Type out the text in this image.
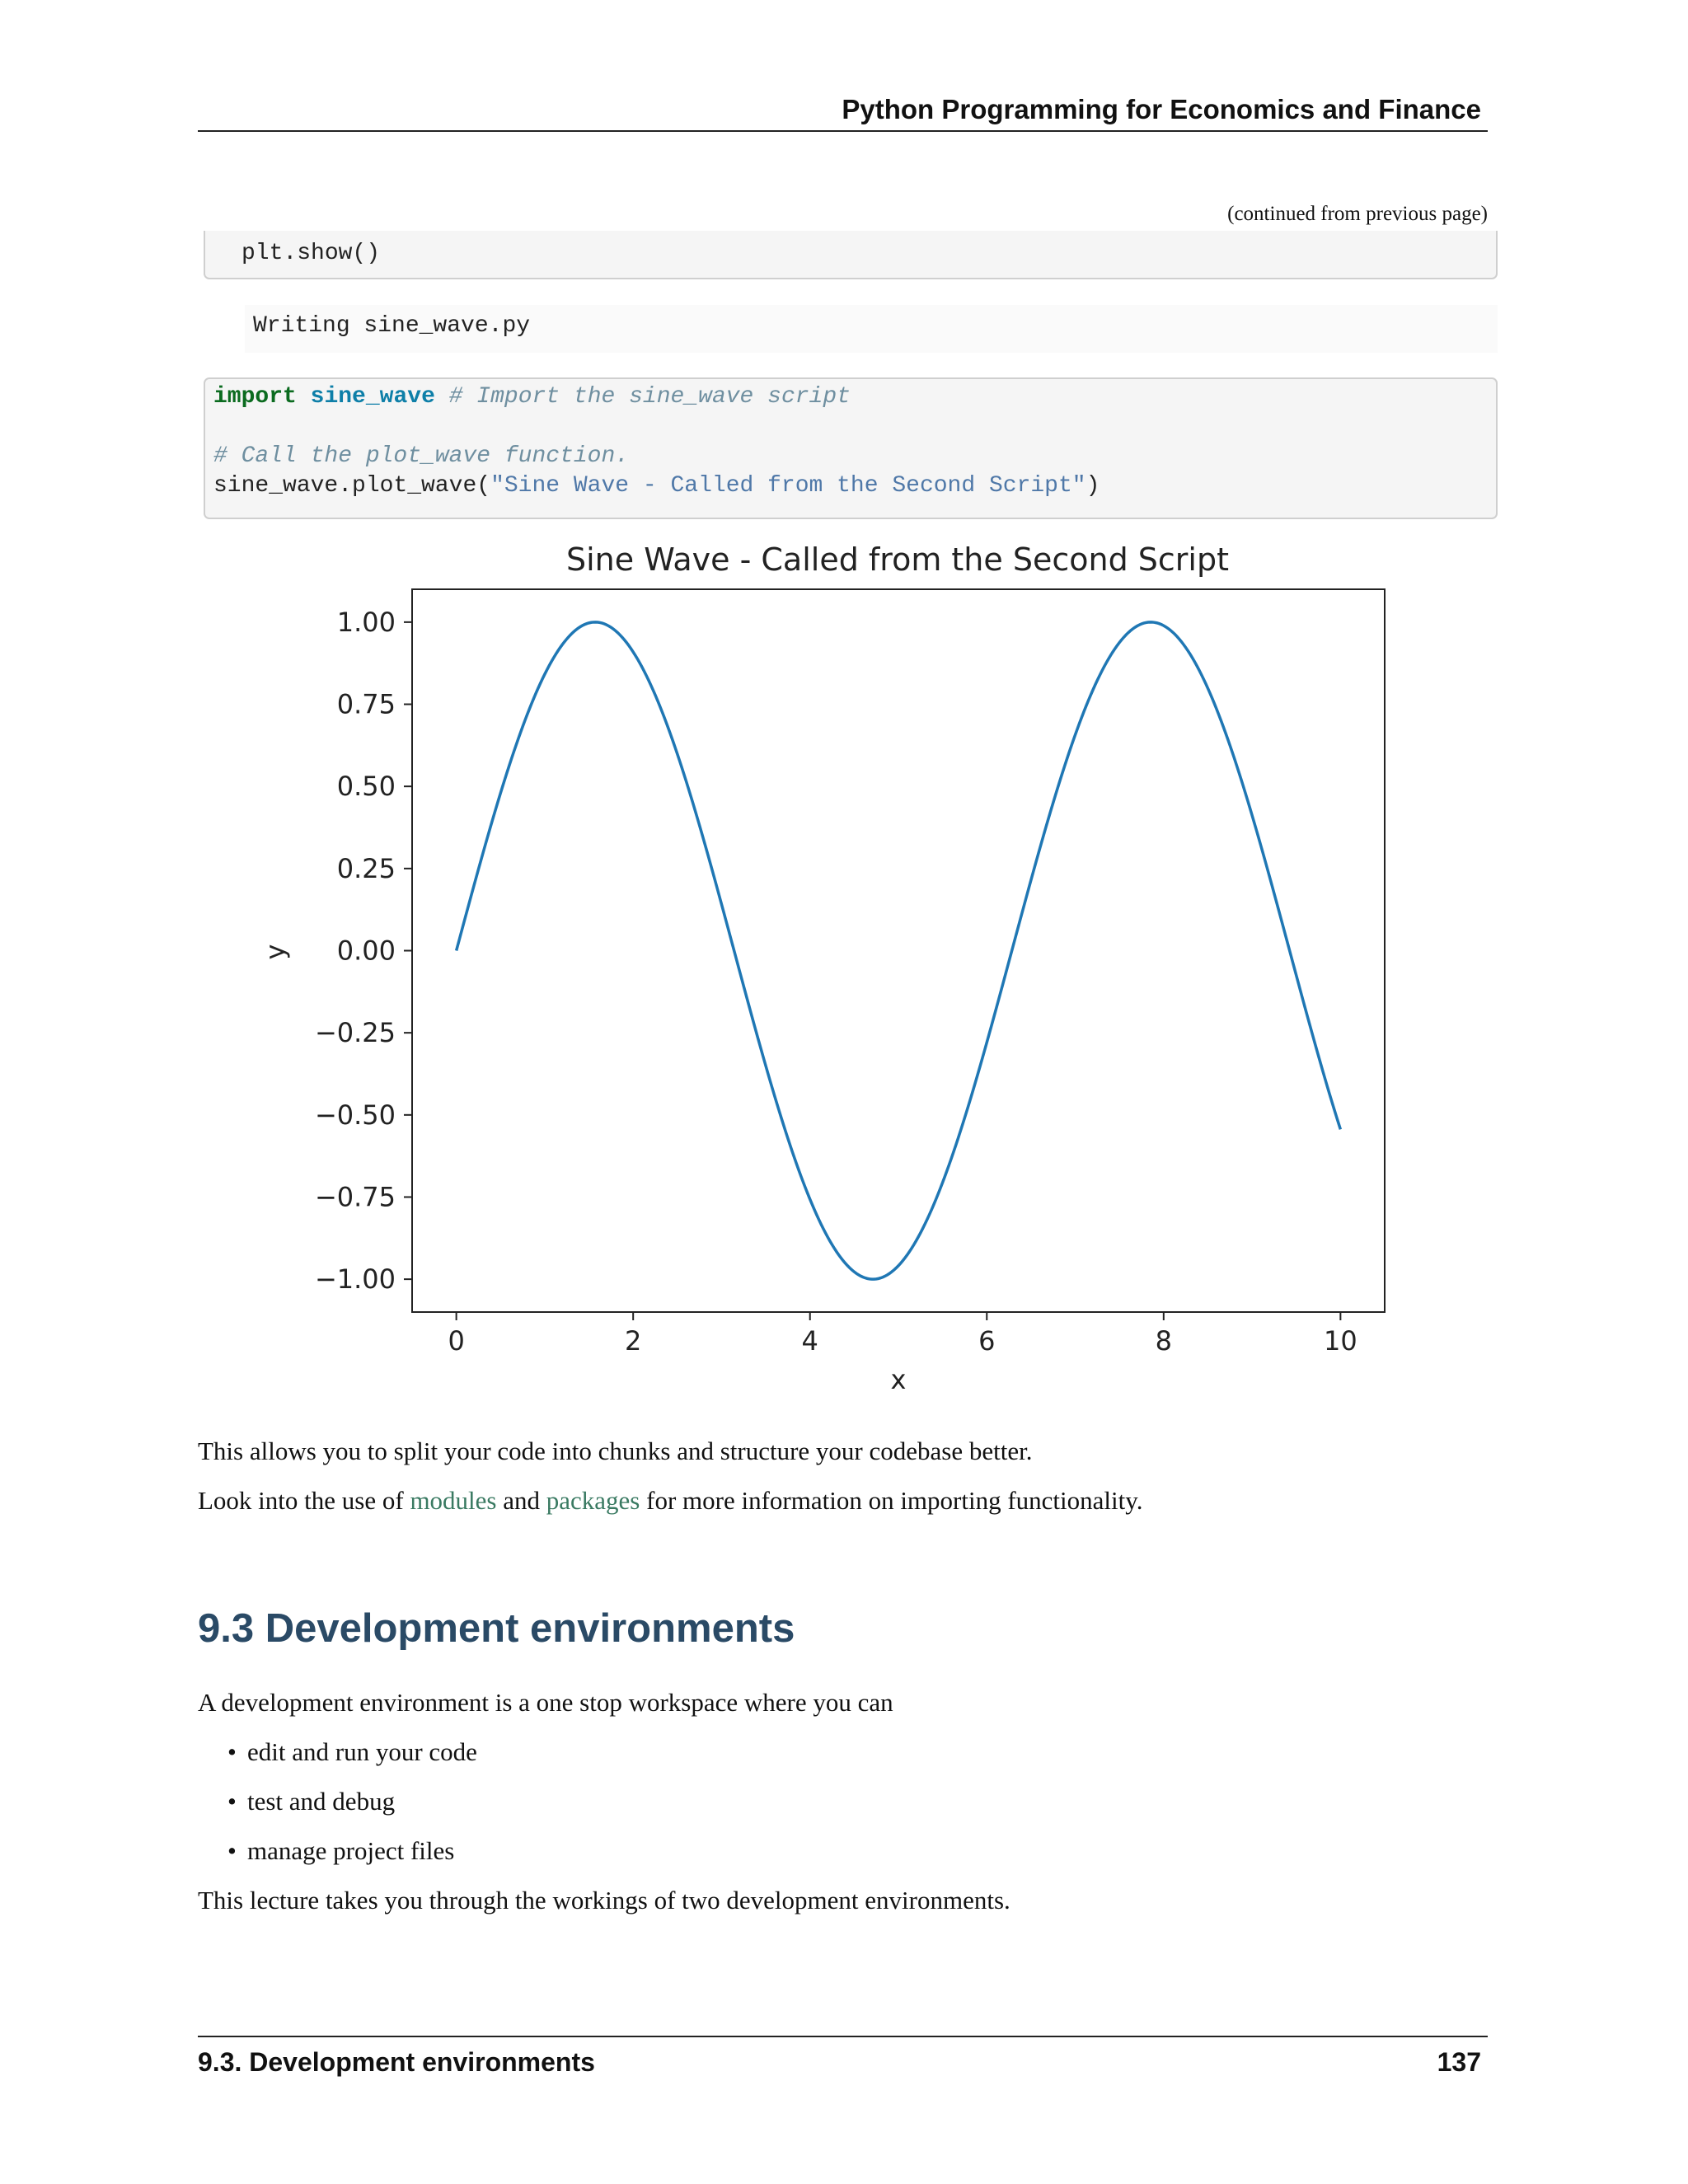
Python Programming for Economics and Finance
(continued from previous page)
plt.show()
Writing sine_wave.py
import sine_wave # Import the sine_wave script
# Call the plot_wave function.
sine_wave.plot_wave("Sine Wave - Called from the Second Script")
Sine Wave - Called from the Second Script
1.00
0.75
0.50
0.25
0.00
−0.25
−0.50
−0.75
−1.00
0	2	4	6	8	10
x
y
This allows you to split your code into chunks and structure your codebase better.
Look into the use of modules and packages for more information on importing functionality.
9.3 Development environments
A development environment is a one stop workspace where you can
• edit and run your code
• test and debug
• manage project files
This lecture takes you through the workings of two development environments.
9.3. Development environments	137
